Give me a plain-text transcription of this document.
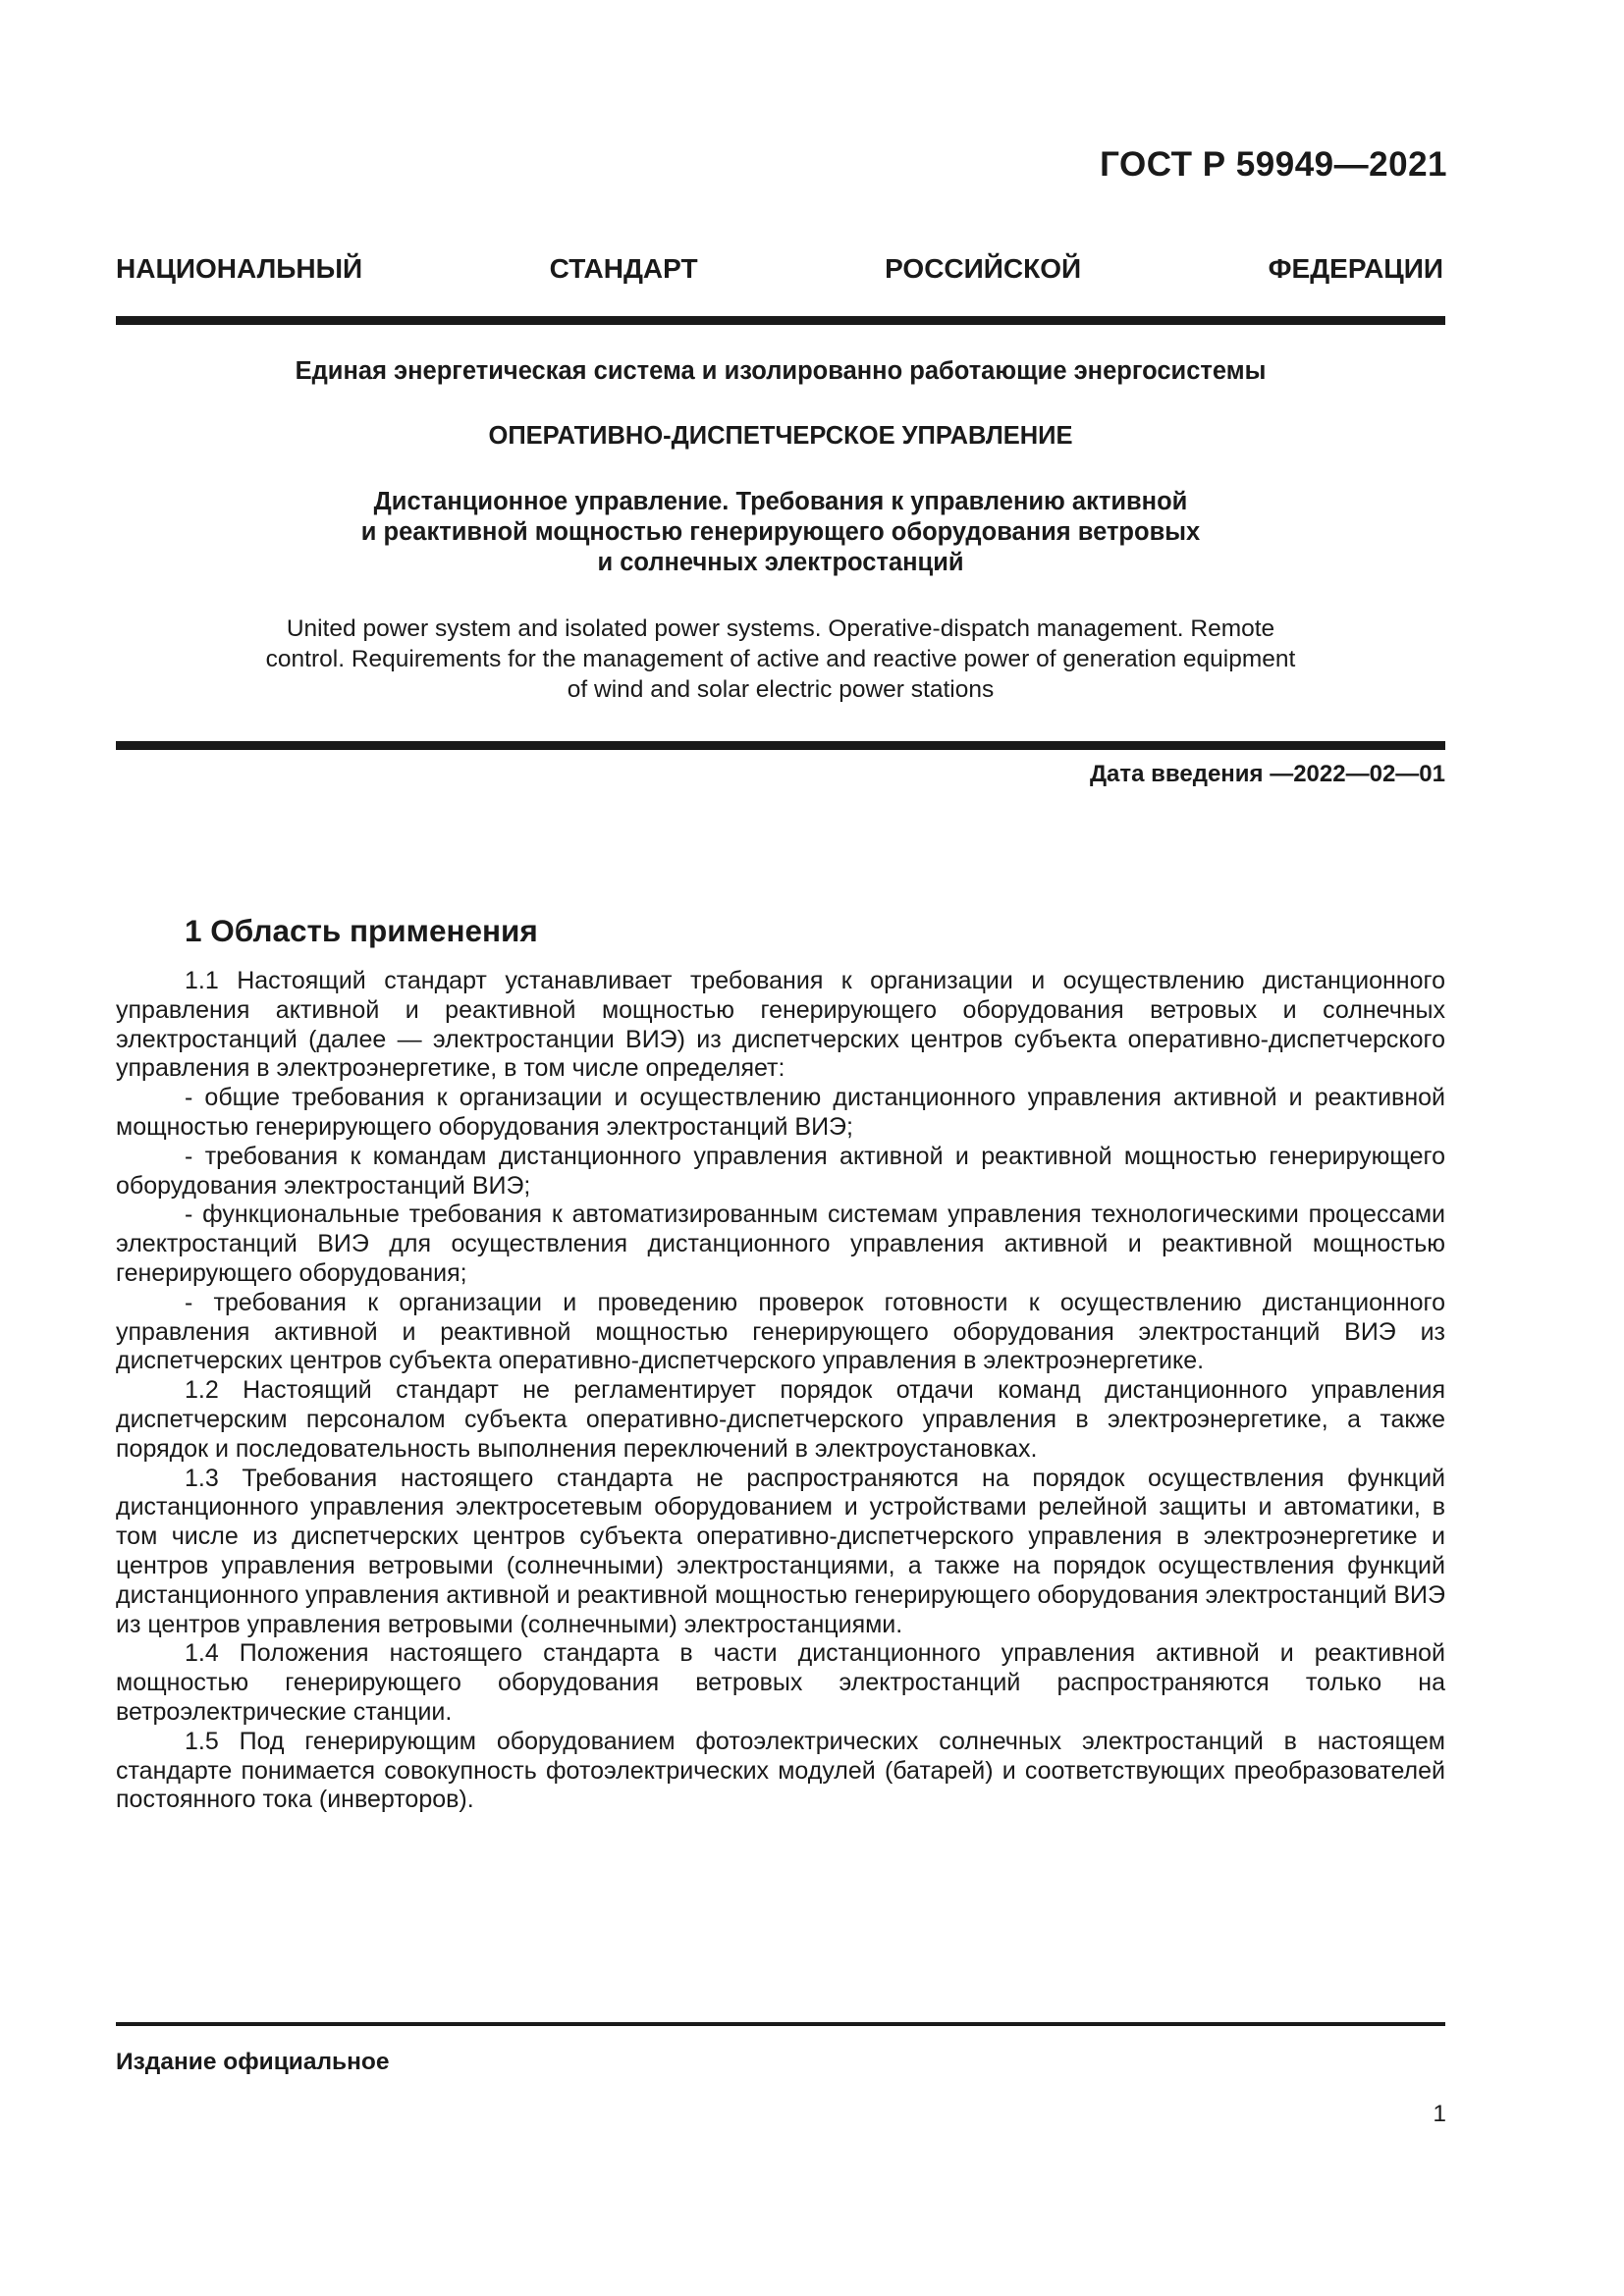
ГОСТ Р 59949—2021
НАЦИОНАЛЬНЫЙ	СТАНДАРТ	РОССИЙСКОЙ	ФЕДЕРАЦИИ
Единая энергетическая система и изолированно работающие энергосистемы
ОПЕРАТИВНО-ДИСПЕТЧЕРСКОЕ УПРАВЛЕНИЕ
Дистанционное управление. Требования к управлению активной
и реактивной мощностью генерирующего оборудования ветровых
и солнечных электростанций
United power system and isolated power systems. Operative-dispatch management. Remote
control. Requirements for the management of active and reactive power of generation equipment
of wind and solar electric power stations
Дата введения —2022—02—01
1 Область применения

1.1 Настоящий стандарт устанавливает требования к организации и осуществлению дистанционного управления активной и реактивной мощностью генерирующего оборудования ветровых и солнечных электростанций (далее — электростанции ВИЭ) из диспетчерских центров субъекта оперативно-диспетчерского управления в электроэнергетике, в том числе определяет:

- общие требования к организации и осуществлению дистанционного управления активной и реактивной мощностью генерирующего оборудования электростанций ВИЭ;

- требования к командам дистанционного управления активной и реактивной мощностью генерирующего оборудования электростанций ВИЭ;

- функциональные требования к автоматизированным системам управления технологическими процессами электростанций ВИЭ для осуществления дистанционного управления активной и реактивной мощностью генерирующего оборудования;

- требования к организации и проведению проверок готовности к осуществлению дистанционного управления активной и реактивной мощностью генерирующего оборудования электростанций ВИЭ из диспетчерских центров субъекта оперативно-диспетчерского управления в электроэнергетике.

1.2 Настоящий стандарт не регламентирует порядок отдачи команд дистанционного управления диспетчерским персоналом субъекта оперативно-диспетчерского управления в электроэнергетике, а также порядок и последовательность выполнения переключений в электроустановках.

1.3 Требования настоящего стандарта не распространяются на порядок осуществления функций дистанционного управления электросетевым оборудованием и устройствами релейной защиты и автоматики, в том числе из диспетчерских центров субъекта оперативно-диспетчерского управления в электроэнергетике и центров управления ветровыми (солнечными) электростанциями, а также на порядок осуществления функций дистанционного управления активной и реактивной мощностью генерирующего оборудования электростанций ВИЭ из центров управления ветровыми (солнечными) электростанциями.

1.4 Положения настоящего стандарта в части дистанционного управления активной и реактивной мощностью генерирующего оборудования ветровых электростанций распространяются только на ветроэлектрические станции.

1.5 Под генерирующим оборудованием фотоэлектрических солнечных электростанций в настоящем стандарте понимается совокупность фотоэлектрических модулей (батарей) и соответствующих преобразователей постоянного тока (инверторов).

Издание официальное
1
